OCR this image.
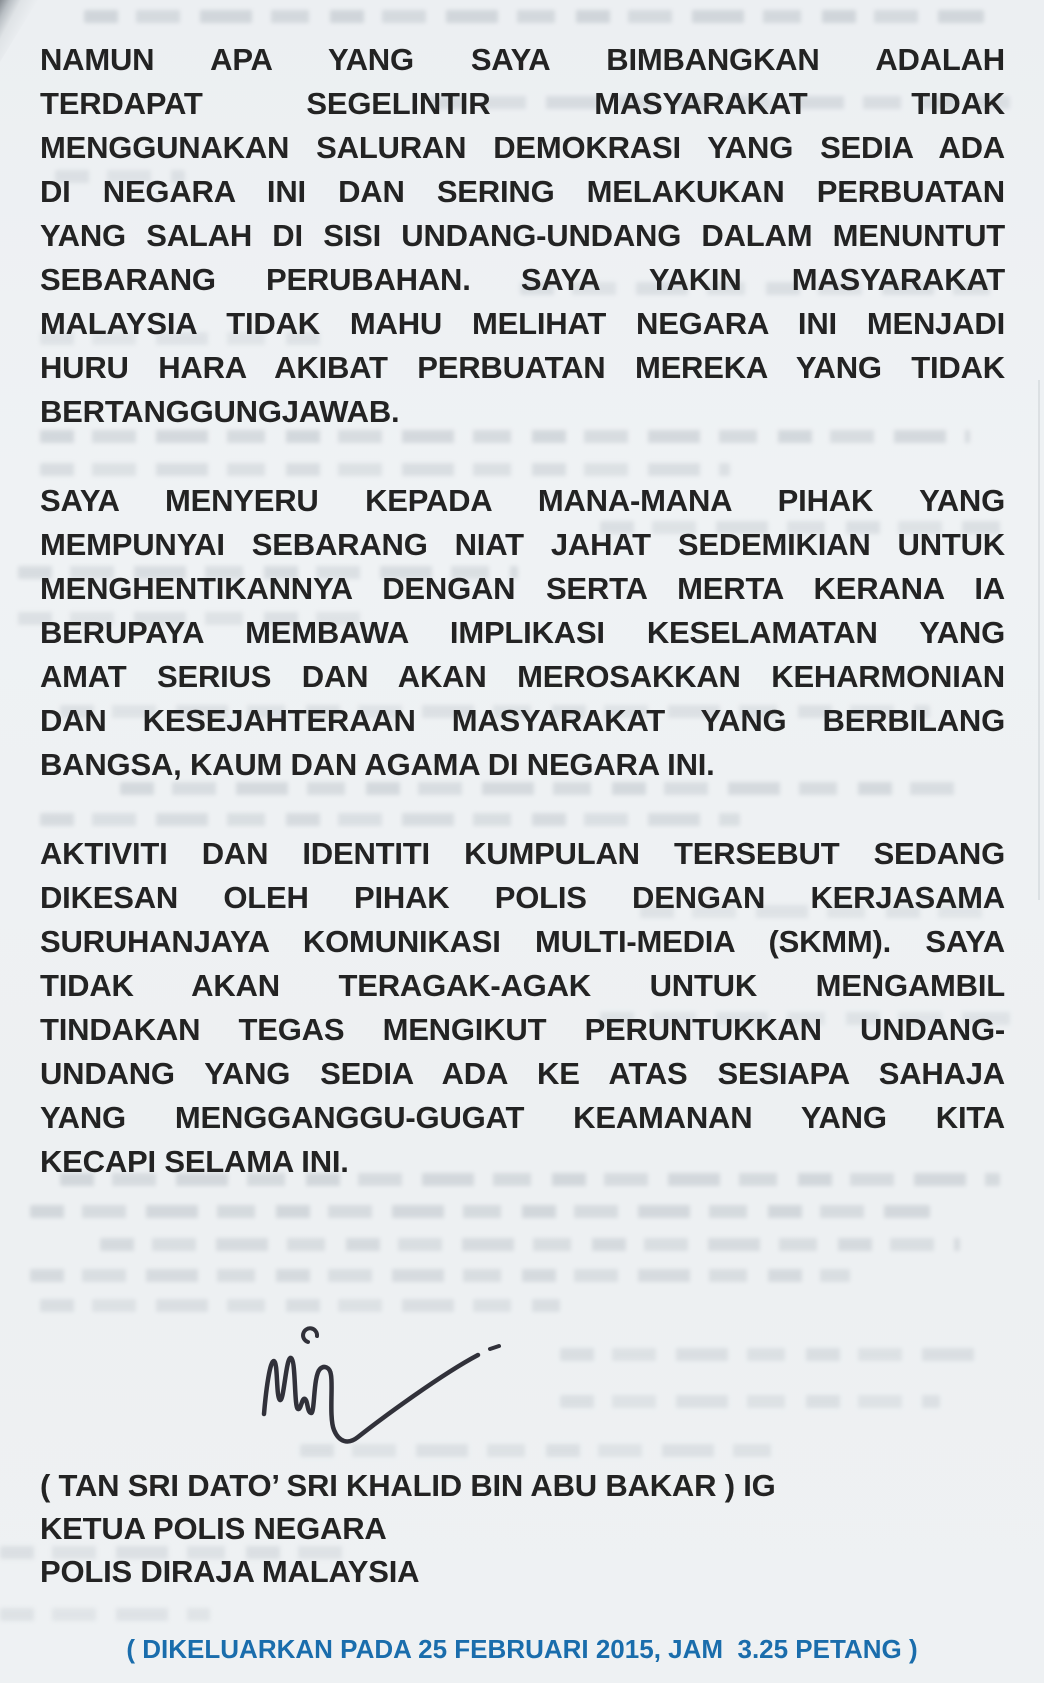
NAMUN APA YANG SAYA BIMBANGKAN ADALAH
TERDAPAT SEGELINTIR MASYARAKAT TIDAK
MENGGUNAKAN SALURAN DEMOKRASI YANG SEDIA ADA
DI NEGARA INI DAN SERING MELAKUKAN PERBUATAN
YANG SALAH DI SISI UNDANG-UNDANG DALAM MENUNTUT
SEBARANG PERUBAHAN. SAYA YAKIN MASYARAKAT
MALAYSIA TIDAK MAHU MELIHAT NEGARA INI MENJADI
HURU HARA AKIBAT PERBUATAN MEREKA YANG TIDAK
BERTANGGUNGJAWAB.
SAYA MENYERU KEPADA MANA-MANA PIHAK YANG
MEMPUNYAI SEBARANG NIAT JAHAT SEDEMIKIAN UNTUK
MENGHENTIKANNYA DENGAN SERTA MERTA KERANA IA
BERUPAYA MEMBAWA IMPLIKASI KESELAMATAN YANG
AMAT SERIUS DAN AKAN MEROSAKKAN KEHARMONIAN
DAN KESEJAHTERAAN MASYARAKAT YANG BERBILANG
BANGSA, KAUM DAN AGAMA DI NEGARA INI.
AKTIVITI DAN IDENTITI KUMPULAN TERSEBUT SEDANG
DIKESAN OLEH PIHAK POLIS DENGAN KERJASAMA
SURUHANJAYA KOMUNIKASI MULTI-MEDIA (SKMM). SAYA
TIDAK AKAN TERAGAK-AGAK UNTUK MENGAMBIL
TINDAKAN TEGAS MENGIKUT PERUNTUKKAN UNDANG-
UNDANG YANG SEDIA ADA KE ATAS SESIAPA SAHAJA
YANG MENGGANGGU-GUGAT KEAMANAN YANG KITA
KECAPI SELAMA INI.
( TAN SRI DATO’ SRI KHALID BIN ABU BAKAR ) IG
KETUA POLIS NEGARA
POLIS DIRAJA MALAYSIA
( DIKELUARKAN PADA 25 FEBRUARI 2015, JAM  3.25 PETANG )
